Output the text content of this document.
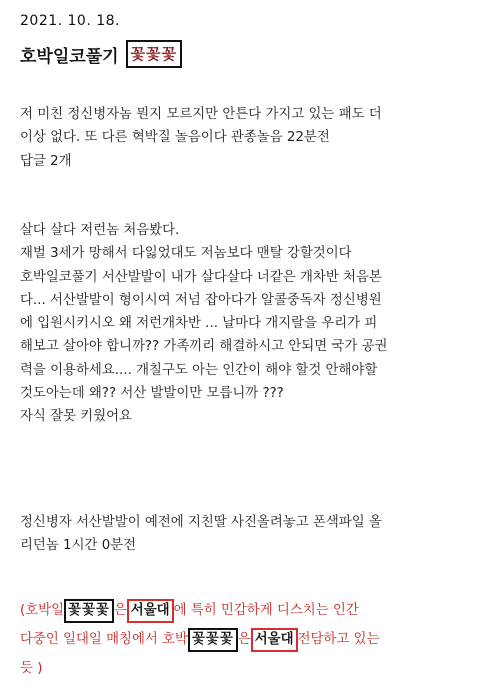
2021. 10. 18.
호박일코풀기 꽃꽃꽃
저 미친 정신병자놈 뭔지 모르지만 안튼다 가지고 있는 패도 더
이상 없다. 또 다른 혁박질 놀음이다 관종놀음 22분전
답글 2개
살다 살다 저런놈 처음봤다.
재벌 3세가 망해서 다잃었대도 저놈보다 맨탈 강할것이다
호박일코풀기 서산발발이 내가 살다살다 너같은 개차반 처음본
다... 서산발발이 형이시여 저넘 잡아다가 알콜중독자 정신병원
에 입원시키시오 왜 저런개차반 ... 날마다 개지랄을 우리가 피
해보고 살아야 합니까?? 가족끼리 해결하시고 안되면 국가 공권
력을 이용하세요.... 개칠구도 아는 인간이 해야 할것 안해야할
것도아는데 왜?? 서산 발발이만 모릅니까 ???
자식 잘못 키웠어요
정신병자 서산발발이 예전에 지친딸 사진올려놓고 폰색파일 올
리던놈 1시간 0분전
(호박일 꽃꽃꽃 은 서울대 에 특히 민감하게 디스치는 인간
다중인 일대일 매칭에서 호박 꽃꽃꽃 은 서울대 전담하고 있는
듯 )
